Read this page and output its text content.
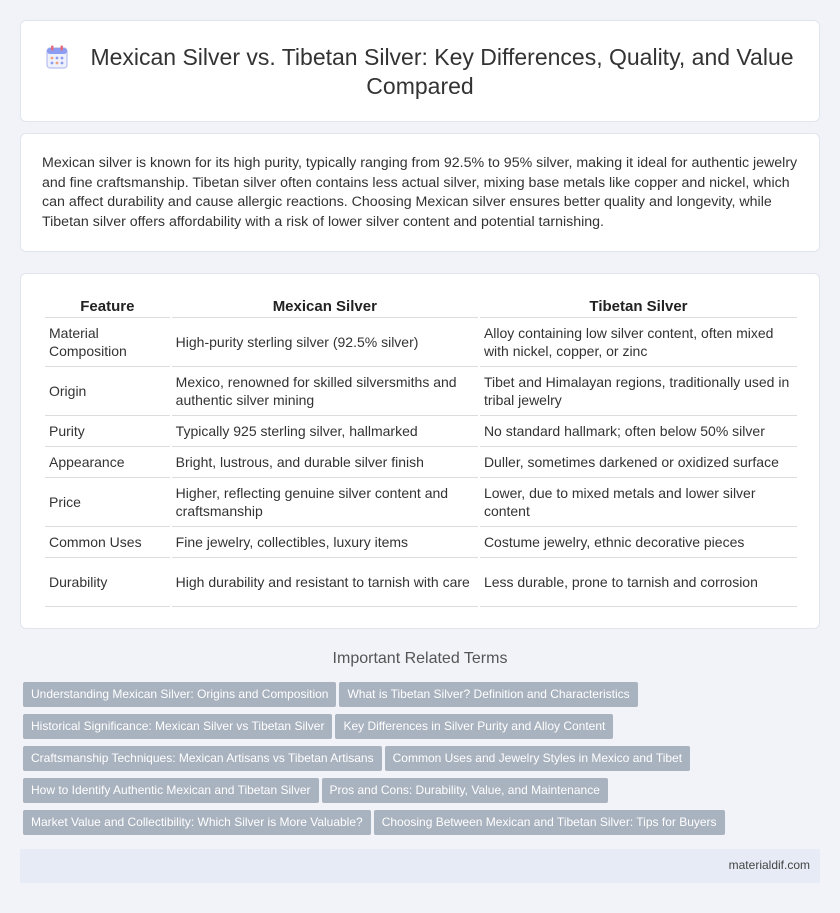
Mexican Silver vs. Tibetan Silver: Key Differences, Quality, and Value Compared

Mexican silver is known for its high purity, typically ranging from 92.5% to 95% silver, making it ideal for authentic jewelry and fine craftsmanship. Tibetan silver often contains less actual silver, mixing base metals like copper and nickel, which can affect durability and cause allergic reactions. Choosing Mexican silver ensures better quality and longevity, while Tibetan silver offers affordability with a risk of lower silver content and potential tarnishing.

Feature	Mexican Silver	Tibetan Silver
Material Composition	High-purity sterling silver (92.5% silver)	Alloy containing low silver content, often mixed with nickel, copper, or zinc
Origin	Mexico, renowned for skilled silversmiths and authentic silver mining	Tibet and Himalayan regions, traditionally used in tribal jewelry
Purity	Typically 925 sterling silver, hallmarked	No standard hallmark; often below 50% silver
Appearance	Bright, lustrous, and durable silver finish	Duller, sometimes darkened or oxidized surface
Price	Higher, reflecting genuine silver content and craftsmanship	Lower, due to mixed metals and lower silver content
Common Uses	Fine jewelry, collectibles, luxury items	Costume jewelry, ethnic decorative pieces
Durability	High durability and resistant to tarnish with care	Less durable, prone to tarnish and corrosion
Important Related Terms
Understanding Mexican Silver: Origins and Composition What is Tibetan Silver? Definition and Characteristics
Historical Significance: Mexican Silver vs Tibetan Silver Key Differences in Silver Purity and Alloy Content
Craftsmanship Techniques: Mexican Artisans vs Tibetan Artisans Common Uses and Jewelry Styles in Mexico and Tibet
How to Identify Authentic Mexican and Tibetan Silver Pros and Cons: Durability, Value, and Maintenance
Market Value and Collectibility: Which Silver is More Valuable? Choosing Between Mexican and Tibetan Silver: Tips for Buyers
materialdif.com
